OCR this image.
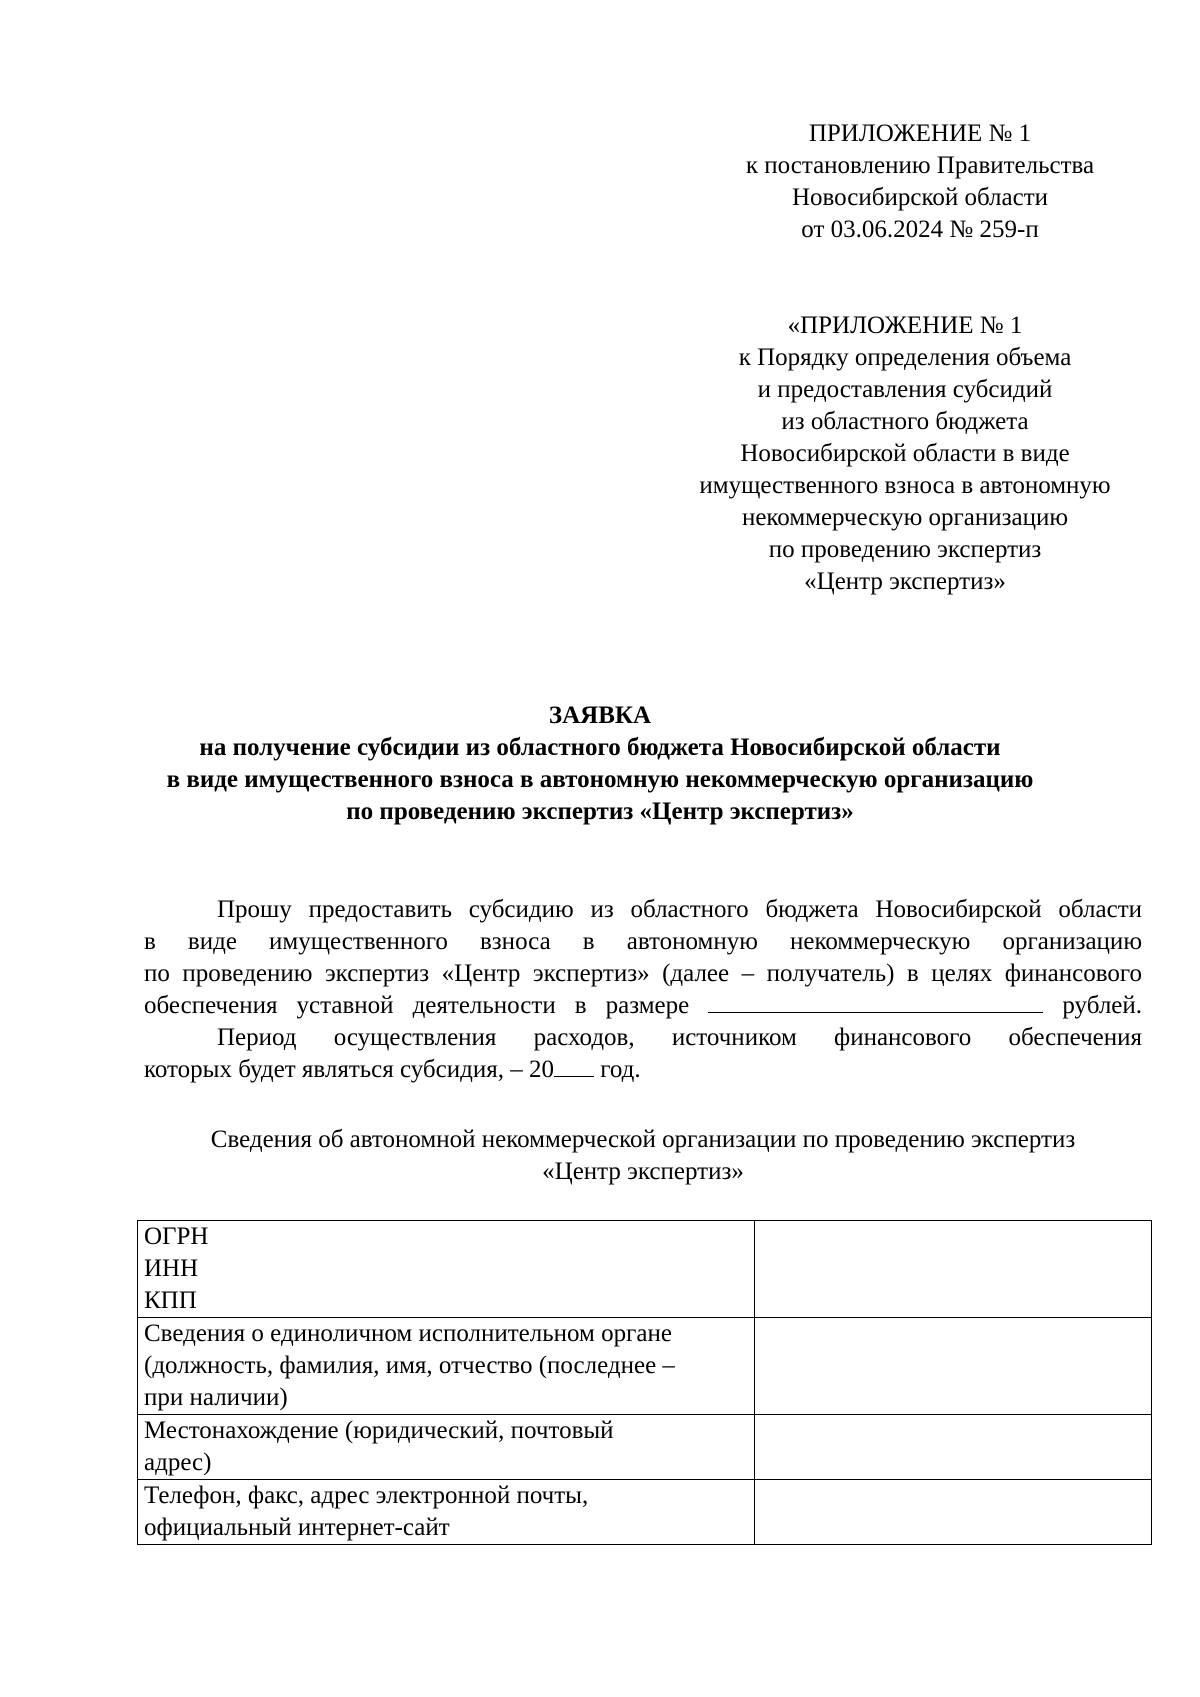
ПРИЛОЖЕНИЕ № 1
к постановлению Правительства
Новосибирской области
от 03.06.2024 № 259-п
«ПРИЛОЖЕНИЕ № 1
к Порядку определения объема
и предоставления субсидий
из областного бюджета
Новосибирской области в виде
имущественного взноса в автономную
некоммерческую организацию
по проведению экспертиз
«Центр экспертиз»
ЗАЯВКА
на получение субсидии из областного бюджета Новосибирской области
в виде имущественного взноса в автономную некоммерческую организацию
по проведению экспертиз «Центр экспертиз»
Прошу предоставить субсидию из областного бюджета Новосибирской области
в виде имущественного взноса в автономную некоммерческую организацию
по проведению экспертиз «Центр экспертиз» (далее – получатель) в целях финансового
обеспечения уставной деятельности в размере	рублей.
Период осуществления расходов, источником финансового обеспечения
которых будет являться субсидия, – 20 год.
Сведения об автономной некоммерческой организации по проведению экспертиз
«Центр экспертиз»
ОГРН
ИНН
КПП	

Сведения о единоличном исполнительном органе
(должность, фамилия, имя, отчество (последнее –
при наличии)	

Местонахождение (юридический, почтовый
адрес)	

Телефон, факс, адрес электронной почты,
официальный интернет-сайт	
